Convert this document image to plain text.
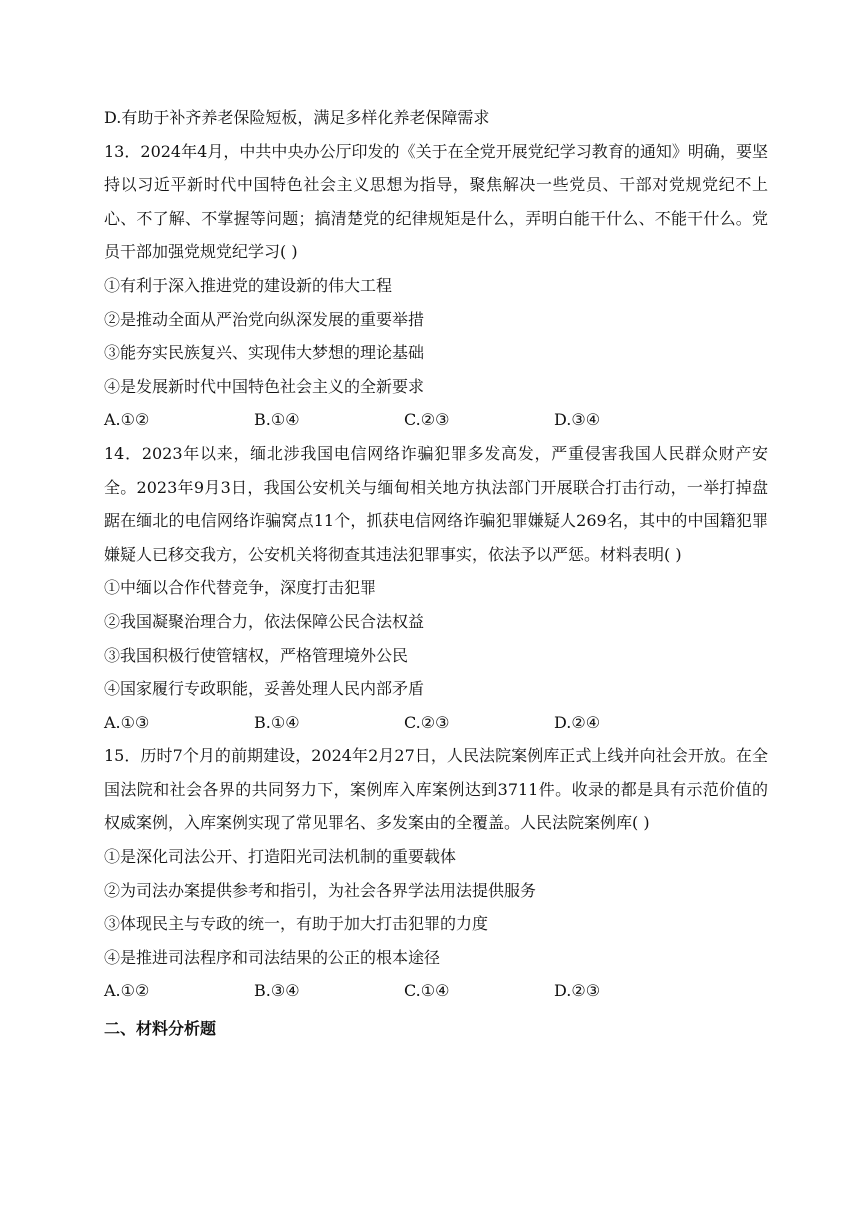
D.有助于补齐养老保险短板，满足多样化养老保障需求
13．2024年4月，中共中央办公厅印发的《关于在全党开展党纪学习教育的通知》明确，要坚持以习近平新时代中国特色社会主义思想为指导，聚焦解决一些党员、干部对党规党纪不上心、不了解、不掌握等问题；搞清楚党的纪律规矩是什么，弄明白能干什么、不能干什么。党员干部加强党规党纪学习( )
①有利于深入推进党的建设新的伟大工程
②是推动全面从严治党向纵深发展的重要举措
③能夯实民族复兴、实现伟大梦想的理论基础
④是发展新时代中国特色社会主义的全新要求
A.①②	B.①④	C.②③	D.③④
14．2023年以来，缅北涉我国电信网络诈骗犯罪多发高发，严重侵害我国人民群众财产安全。2023年9月3日，我国公安机关与缅甸相关地方执法部门开展联合打击行动，一举打掉盘踞在缅北的电信网络诈骗窝点11个，抓获电信网络诈骗犯罪嫌疑人269名，其中的中国籍犯罪嫌疑人已移交我方，公安机关将彻查其违法犯罪事实，依法予以严惩。材料表明( )
①中缅以合作代替竞争，深度打击犯罪
②我国凝聚治理合力，依法保障公民合法权益
③我国积极行使管辖权，严格管理境外公民
④国家履行专政职能，妥善处理人民内部矛盾
A.①③	B.①④	C.②③	D.②④
15．历时7个月的前期建设，2024年2月27日，人民法院案例库正式上线并向社会开放。在全国法院和社会各界的共同努力下，案例库入库案例达到3711件。收录的都是具有示范价值的权威案例，入库案例实现了常见罪名、多发案由的全覆盖。人民法院案例库( )
①是深化司法公开、打造阳光司法机制的重要载体
②为司法办案提供参考和指引，为社会各界学法用法提供服务
③体现民主与专政的统一，有助于加大打击犯罪的力度
④是推进司法程序和司法结果的公正的根本途径
A.①②	B.③④	C.①④	D.②③
二、材料分析题
